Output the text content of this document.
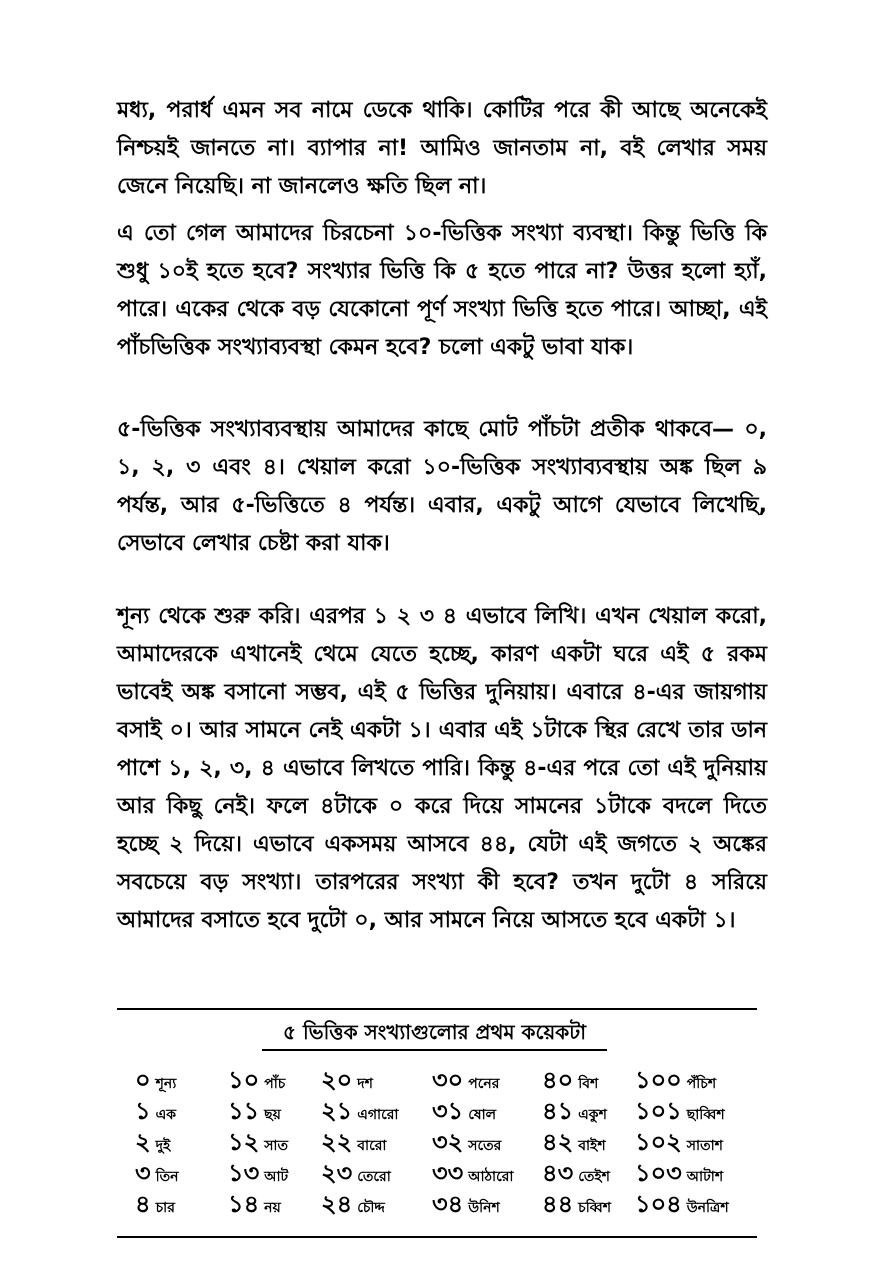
মধ্য, পরার্ধ এমন সব নামে ডেকে থাকি। কোটির পরে কী আছে অনেকেই নিশ্চয়ই জানতে না। ব্যাপার না! আমিও জানতাম না, বই লেখার সময় জেনে নিয়েছি। না জানলেও ক্ষতি ছিল না।

এ তো গেল আমাদের চিরচেনা ১০-ভিত্তিক সংখ্যা ব্যবস্থা। কিন্তু ভিত্তি কি শুধু ১০ই হতে হবে? সংখ্যার ভিত্তি কি ৫ হতে পারে না? উত্তর হলো হ্যাঁ, পারে। একের থেকে বড় যেকোনো পূর্ণ সংখ্যা ভিত্তি হতে পারে। আচ্ছা, এই পাঁচভিত্তিক সংখ্যাব্যবস্থা কেমন হবে? চলো একটু ভাবা যাক।

৫-ভিত্তিক সংখ্যাব্যবস্থায় আমাদের কাছে মোট পাঁচটা প্রতীক থাকবে— ০, ১, ২, ৩ এবং ৪। খেয়াল করো ১০-ভিত্তিক সংখ্যাব্যবস্থায় অঙ্ক ছিল ৯ পর্যন্ত, আর ৫-ভিত্তিতে ৪ পর্যন্ত। এবার, একটু আগে যেভাবে লিখেছি, সেভাবে লেখার চেষ্টা করা যাক।

শূন্য থেকে শুরু করি। এরপর ১ ২ ৩ ৪ এভাবে লিখি। এখন খেয়াল করো, আমাদেরকে এখানেই থেমে যেতে হচ্ছে, কারণ একটা ঘরে এই ৫ রকম ভাবেই অঙ্ক বসানো সম্ভব, এই ৫ ভিত্তির দুনিয়ায়। এবারে ৪-এর জায়গায় বসাই ০। আর সামনে নেই একটা ১। এবার এই ১টাকে স্থির রেখে তার ডান পাশে ১, ২, ৩, ৪ এভাবে লিখতে পারি। কিন্তু ৪-এর পরে তো এই দুনিয়ায় আর কিছু নেই। ফলে ৪টাকে ০ করে দিয়ে সামনের ১টাকে বদলে দিতে হচ্ছে ২ দিয়ে। এভাবে একসময় আসবে ৪৪, যেটা এই জগতে ২ অঙ্কের সবচেয়ে বড় সংখ্যা। তারপরের সংখ্যা কী হবে? তখন দুটো ৪ সরিয়ে আমাদের বসাতে হবে দুটো ০, আর সামনে নিয়ে আসতে হবে একটা ১।

৫ ভিত্তিক সংখ্যাগুলোর প্রথম কয়েকটা
০ শূন্য ১০ পাঁচ ২০ দশ ৩০ পনের ৪০ বিশ ১০০ পঁচিশ
১ এক ১১ ছয় ২১ এগারো ৩১ ষোল ৪১ একুশ ১০১ ছাব্বিশ
২ দুই ১২ সাত ২২ বারো ৩২ সতের ৪২ বাইশ ১০২ সাতাশ
৩ তিন ১৩ আট ২৩ তেরো ৩৩ আঠারো ৪৩ তেইশ ১০৩ আটাশ
৪ চার ১৪ নয় ২৪ চৌদ্দ ৩৪ উনিশ ৪৪ চব্বিশ ১০৪ উনত্রিশ
